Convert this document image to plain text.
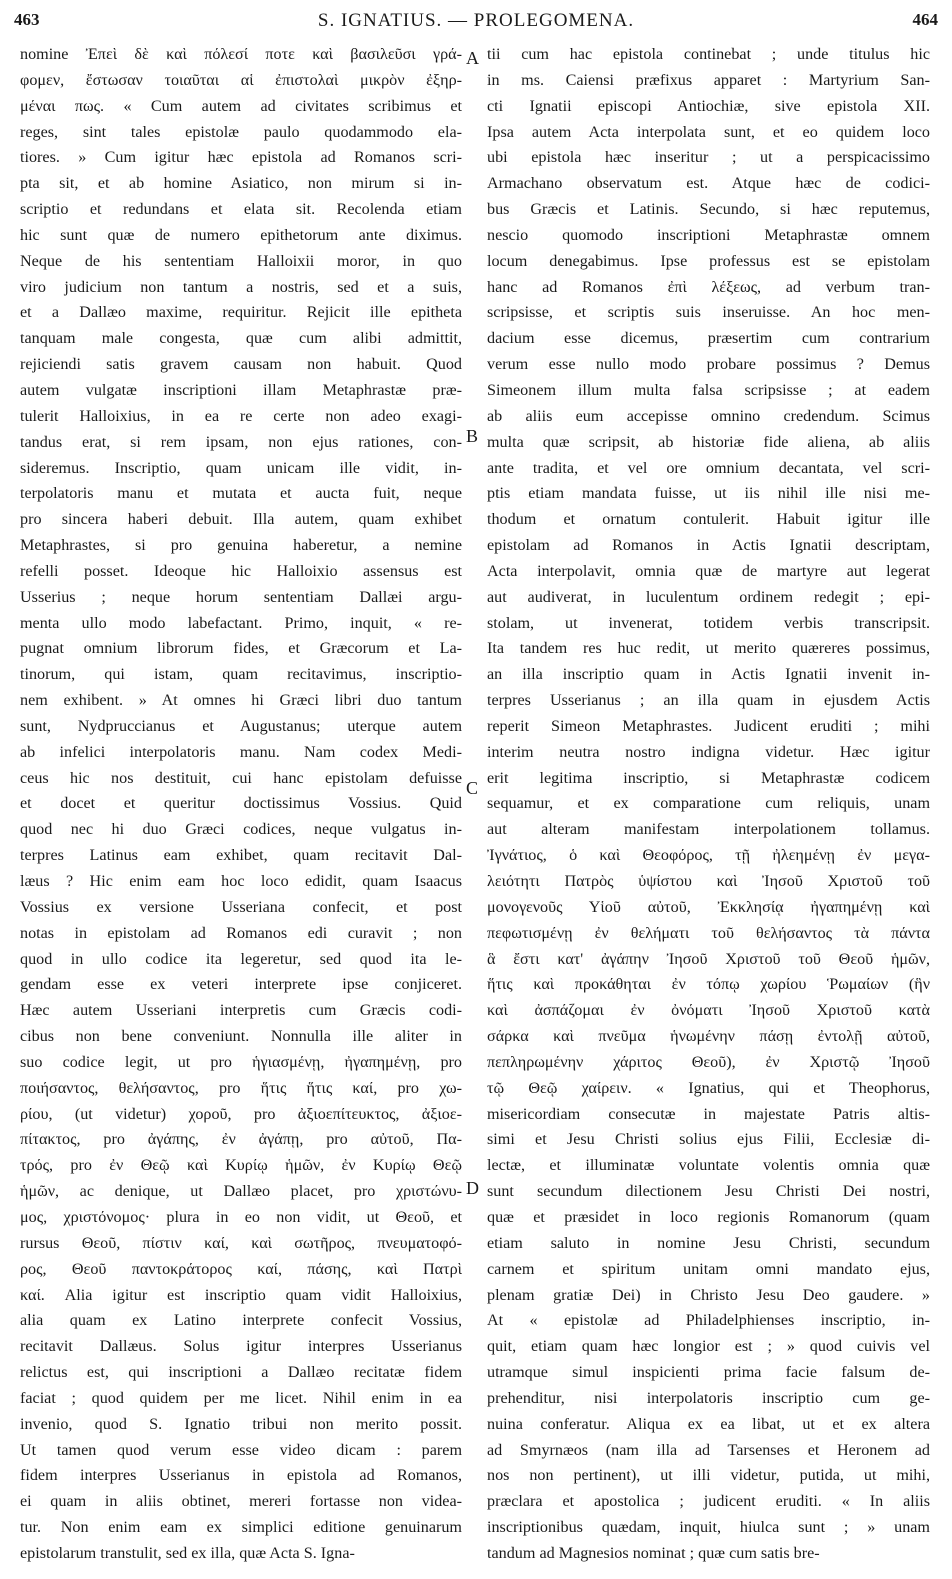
463	S. IGNATIUS. — PROLEGOMENA.	464
nomine Ἐπεὶ δὲ καὶ πόλεσί ποτε καὶ βασιλεῦσι γρά-
φομεν, ἔστωσαν τοιαῦται αἱ ἐπιστολαὶ μικρὸν ἐξηρ-
μέναι πως. « Cum autem ad civitates scribimus et
reges, sint tales epistolæ paulo quodammodo ela-
tiores. » Cum igitur hæc epistola ad Romanos scri-
pta sit, et ab homine Asiatico, non mirum si in-
scriptio et redundans et elata sit. Recolenda etiam
hic sunt quæ de numero epithetorum ante diximus.
Neque de his sententiam Halloixii moror, in quo
viro judicium non tantum a nostris, sed et a suis,
et a Dallæo maxime, requiritur. Rejicit ille epitheta
tanquam male congesta, quæ cum alibi admittit,
rejiciendi satis gravem causam non habuit. Quod
autem vulgatæ inscriptioni illam Metaphrastæ præ-
tulerit Halloixius, in ea re certe non adeo exagi-
tandus erat, si rem ipsam, non ejus rationes, con-
sideremus. Inscriptio, quam unicam ille vidit, in-
terpolatoris manu et mutata et aucta fuit, neque
pro sincera haberi debuit. Illa autem, quam exhibet
Metaphrastes, si pro genuina haberetur, a nemine
refelli posset. Ideoque hic Halloixio assensus est
Usserius ; neque horum sententiam Dallæi argu-
menta ullo modo labefactant. Primo, inquit, « re-
pugnat omnium librorum fides, et Græcorum et La-
tinorum, qui istam, quam recitavimus, inscriptio-
nem exhibent. » At omnes hi Græci libri duo tantum
sunt, Nydpruccianus et Augustanus; uterque autem
ab infelici interpolatoris manu. Nam codex Medi-
ceus hic nos destituit, cui hanc epistolam defuisse
et docet et queritur doctissimus Vossius. Quid
quod nec hi duo Græci codices, neque vulgatus in-
terpres Latinus eam exhibet, quam recitavit Dal-
læus ? Hic enim eam hoc loco edidit, quam Isaacus
Vossius ex versione Usseriana confecit, et post
notas in epistolam ad Romanos edi curavit ; non
quod in ullo codice ita legeretur, sed quod ita le-
gendam esse ex veteri interprete ipse conjiceret.
Hæc autem Usseriani interpretis cum Græcis codi-
cibus non bene conveniunt. Nonnulla ille aliter in
suo codice legit, ut pro ἡγιασμένῃ, ἠγαπημένῃ, pro
ποιήσαντος, θελήσαντος, pro ἥτις ἥτις καί, pro χω-
ρίου, (ut videtur) χοροῦ, pro ἀξιοεπίτευκτος, ἀξιοε-
πίτακτος, pro ἀγάπης, ἐν ἀγάπῃ, pro αὐτοῦ, Πα-
τρός, pro ἐν Θεῷ καὶ Κυρίῳ ἡμῶν, ἐν Κυρίῳ Θεῷ
ἡμῶν, ac denique, ut Dallæo placet, pro χριστώνυ-
μος, χριστόνομος· plura in eo non vidit, ut Θεοῦ, et
rursus Θεοῦ, πίστιν καί, καὶ σωτῆρος, πνευματοφό-
ρος, Θεοῦ παντοκράτορος καί, πάσης, καὶ Πατρὶ
καί. Alia igitur est inscriptio quam vidit Halloixius,
alia quam ex Latino interprete confecit Vossius,
recitavit Dallæus. Solus igitur interpres Usserianus
relictus est, qui inscriptioni a Dallæo recitatæ fidem
faciat ; quod quidem per me licet. Nihil enim in ea
invenio, quod S. Ignatio tribui non merito possit.
Ut tamen quod verum esse video dicam : parem
fidem interpres Usserianus in epistola ad Romanos,
ei quam in aliis obtinet, mereri fortasse non videa-
tur. Non enim eam ex simplici editione genuinarum
epistolarum transtulit, sed ex illa, quæ Acta S. Igna-
tii cum hac epistola continebat ; unde titulus hic
in ms. Caiensi præfixus apparet : Martyrium San-
cti Ignatii episcopi Antiochiæ, sive epistola XII.
Ipsa autem Acta interpolata sunt, et eo quidem loco
ubi epistola hæc inseritur ; ut a perspicacissimo
Armachano observatum est. Atque hæc de codici-
bus Græcis et Latinis. Secundo, si hæc reputemus,
nescio quomodo inscriptioni Metaphrastæ omnem
locum denegabimus. Ipse professus est se epistolam
hanc ad Romanos ἐπὶ λέξεως, ad verbum tran-
scripsisse, et scriptis suis inseruisse. An hoc men-
dacium esse dicemus, præsertim cum contrarium
verum esse nullo modo probare possimus ? Demus
Simeonem illum multa falsa scripsisse ; at eadem
ab aliis eum accepisse omnino credendum. Scimus
multa quæ scripsit, ab historiæ fide aliena, ab aliis
ante tradita, et vel ore omnium decantata, vel scri-
ptis etiam mandata fuisse, ut iis nihil ille nisi me-
thodum et ornatum contulerit. Habuit igitur ille
epistolam ad Romanos in Actis Ignatii descriptam,
Acta interpolavit, omnia quæ de martyre aut legerat
aut audiverat, in luculentum ordinem redegit ; epi-
stolam, ut invenerat, totidem verbis transcripsit.
Ita tandem res huc redit, ut merito quæreres possimus,
an illa inscriptio quam in Actis Ignatii invenit in-
terpres Usserianus ; an illa quam in ejusdem Actis
reperit Simeon Metaphrastes. Judicent eruditi ; mihi
interim neutra nostro indigna videtur. Hæc igitur
erit legitima inscriptio, si Metaphrastæ codicem
sequamur, et ex comparatione cum reliquis, unam
aut alteram manifestam interpolationem tollamus.
Ἰγνάτιος, ὁ καὶ Θεοφόρος, τῇ ἠλεημένῃ ἐν μεγα-
λειότητι Πατρὸς ὑψίστου καὶ Ἰησοῦ Χριστοῦ τοῦ
μονογενοῦς Υἱοῦ αὐτοῦ, Ἐκκλησίᾳ ἠγαπημένῃ καὶ
πεφωτισμένῃ ἐν θελήματι τοῦ θελήσαντος τὰ πάντα
ἃ ἔστι κατ' ἀγάπην Ἰησοῦ Χριστοῦ τοῦ Θεοῦ ἡμῶν,
ἥτις καὶ προκάθηται ἐν τόπῳ χωρίου Ῥωμαίων (ἣν
καὶ ἀσπάζομαι ἐν ὀνόματι Ἰησοῦ Χριστοῦ κατὰ
σάρκα καὶ πνεῦμα ἡνωμένην πάσῃ ἐντολῇ αὐτοῦ,
πεπληρωμένην χάριτος Θεοῦ), ἐν Χριστῷ Ἰησοῦ
τῷ Θεῷ χαίρειν. « Ignatius, qui et Theophorus,
misericordiam consecutæ in majestate Patris altis-
simi et Jesu Christi solius ejus Filii, Ecclesiæ di-
lectæ, et illuminatæ voluntate volentis omnia quæ
sunt secundum dilectionem Jesu Christi Dei nostri,
quæ et præsidet in loco regionis Romanorum (quam
etiam saluto in nomine Jesu Christi, secundum
carnem et spiritum unitam omni mandato ejus,
plenam gratiæ Dei) in Christo Jesu Deo gaudere. »
At « epistolæ ad Philadelphienses inscriptio, in-
quit, etiam quam hæc longior est ; » quod cuivis vel
utramque simul inspicienti prima facie falsum de-
prehenditur, nisi interpolatoris inscriptio cum ge-
nuina conferatur. Aliqua ex ea libat, ut et ex altera
ad Smyrnæos (nam illa ad Tarsenses et Heronem ad
nos non pertinent), ut illi videtur, putida, ut mihi,
præclara et apostolica ; judicent eruditi. « In aliis
inscriptionibus quædam, inquit, hiulca sunt ; » unam
tandum ad Magnesios nominat ; quæ cum satis bre-
A
B
C
D
